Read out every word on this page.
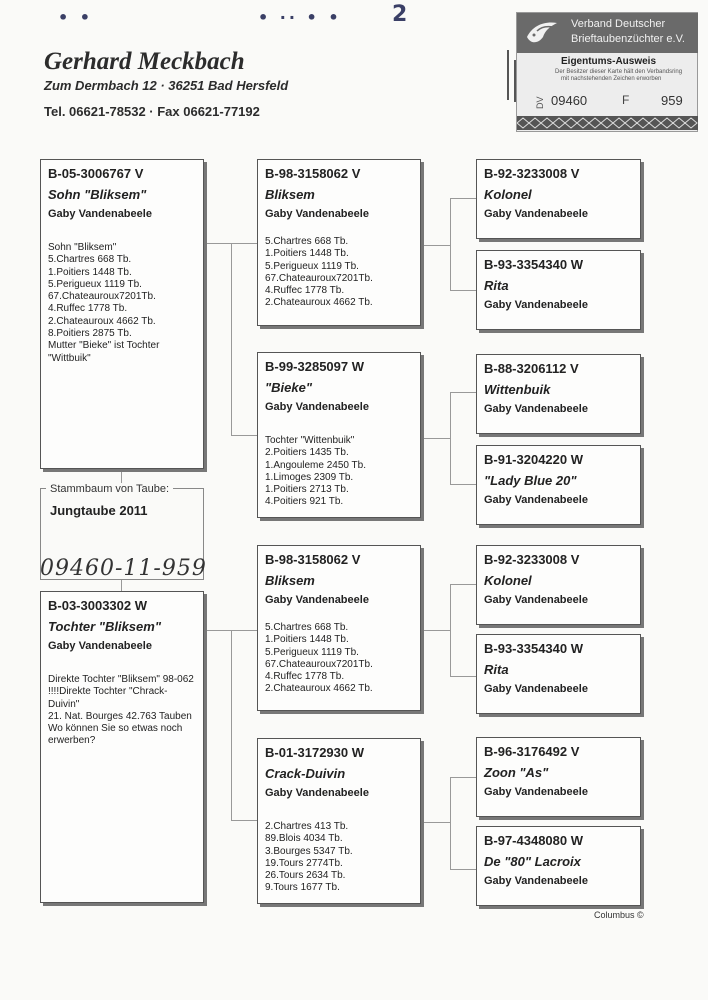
• •	• ·· • • 2
Gerhard Meckbach
Zum Dermbach 12 · 36251 Bad Hersfeld
Tel. 06621-78532 · Fax 06621-77192
Verband Deutscher
Brieftaubenzüchter e.V.
Eigentums-Ausweis
Der Besitzer dieser Karte hält den Verbandsring
mit nachstehenden Zeichen erworben
DV 09460	F 959
B-05-3006767 V
Sohn "Bliksem"
Gaby Vandenabeele
Sohn "Bliksem"
5.Chartres 668 Tb.
1.Poitiers 1448 Tb.
5.Perigueux 1119 Tb.
67.Chateauroux7201Tb.
4.Ruffec 1778 Tb.
2.Chateauroux 4662 Tb.
8.Poitiers 2875 Tb.
Mutter "Bieke" ist Tochter
"Wittbuik"
Stammbaum von Taube:
Jungtaube 2011
09460-11-959
B-03-3003302 W
Tochter "Bliksem"
Gaby Vandenabeele
Direkte Tochter "Bliksem" 98-062
!!!!Direkte Tochter "Chrack-Duivin"
21. Nat. Bourges 42.763 Tauben
Wo können Sie so etwas noch erwerben?
B-98-3158062 V
Bliksem
Gaby Vandenabeele
5.Chartres 668 Tb.
1.Poitiers 1448 Tb.
5.Perigueux 1119 Tb.
67.Chateauroux7201Tb.
4.Ruffec 1778 Tb.
2.Chateauroux 4662 Tb.
B-99-3285097 W
"Bieke"
Gaby Vandenabeele
Tochter "Wittenbuik"
2.Poitiers 1435 Tb.
1.Angouleme 2450 Tb.
1.Limoges 2309 Tb.
1.Poitiers 2713 Tb.
4.Poitiers 921 Tb.
B-98-3158062 V
Bliksem
Gaby Vandenabeele
5.Chartres 668 Tb.
1.Poitiers 1448 Tb.
5.Perigueux 1119 Tb.
67.Chateauroux7201Tb.
4.Ruffec 1778 Tb.
2.Chateauroux 4662 Tb.
B-01-3172930 W
Crack-Duivin
Gaby Vandenabeele
2.Chartres 413 Tb.
89.Blois 4034 Tb.
3.Bourges 5347 Tb.
19.Tours 2774Tb.
26.Tours 2634 Tb.
9.Tours 1677 Tb.
B-92-3233008 V
Kolonel
Gaby Vandenabeele
B-93-3354340 W
Rita
Gaby Vandenabeele
B-88-3206112 V
Wittenbuik
Gaby Vandenabeele
B-91-3204220 W
"Lady Blue 20"
Gaby Vandenabeele
B-92-3233008 V
Kolonel
Gaby Vandenabeele
B-93-3354340 W
Rita
Gaby Vandenabeele
B-96-3176492 V
Zoon "As"
Gaby Vandenabeele
B-97-4348080 W
De "80" Lacroix
Gaby Vandenabeele
Columbus ©
